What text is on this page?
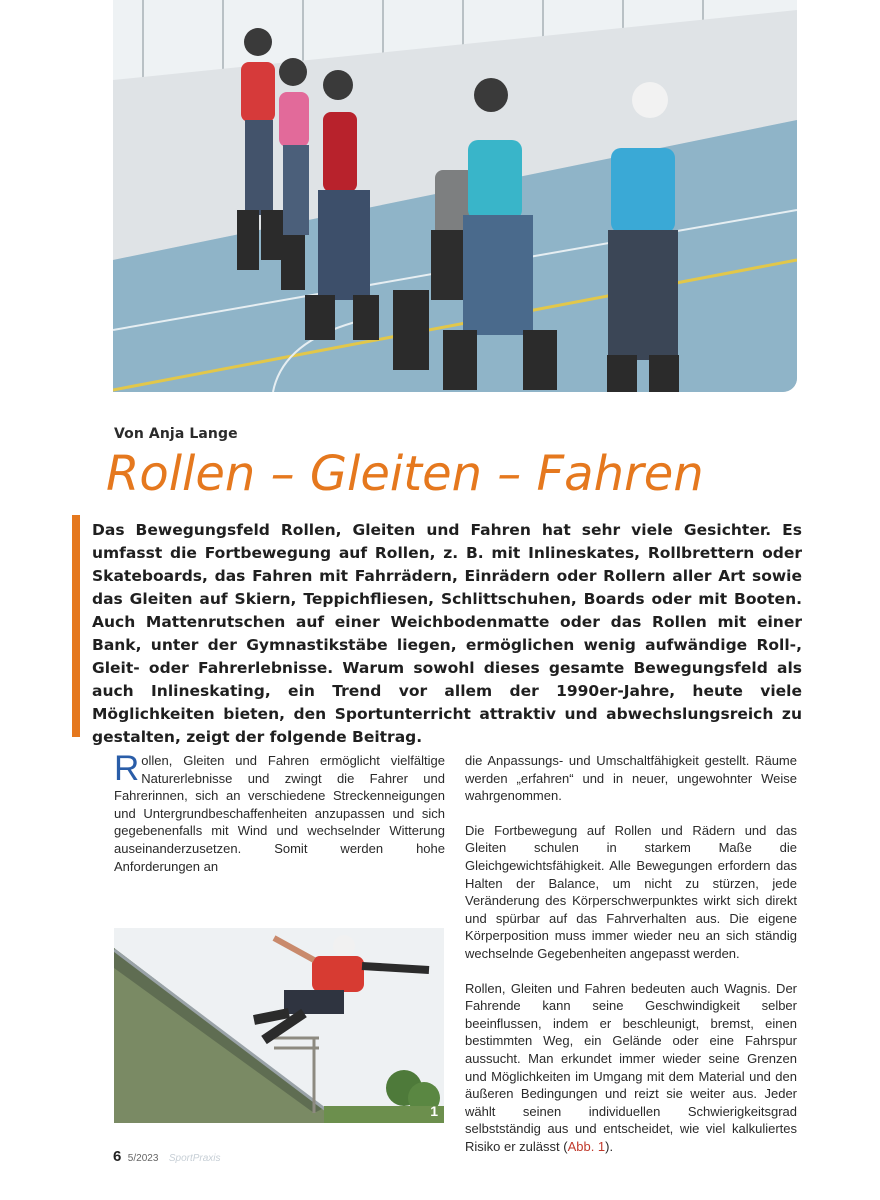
Von Anja Lange
Rollen – Gleiten – Fahren
Das Bewegungsfeld Rollen, Gleiten und Fahren hat sehr viele Gesichter. Es umfasst die Fortbewegung auf Rollen, z. B. mit Inlineskates, Rollbrettern oder Skateboards, das Fahren mit Fahrrädern, Einrädern oder Rollern aller Art sowie das Gleiten auf Skiern, Teppichfliesen, Schlittschuhen, Boards oder mit Booten. Auch Mattenrutschen auf einer Weichbodenmatte oder das Rollen mit einer Bank, unter der Gymnastikstäbe liegen, ermöglichen wenig aufwändige Roll-, Gleit- oder Fahrerlebnisse. Warum sowohl dieses gesamte Bewegungsfeld als auch Inlineskating, ein Trend vor allem der 1990er-Jahre, heute viele Möglichkeiten bieten, den Sportunterricht attraktiv und abwechslungsreich zu gestalten, zeigt der folgende Beitrag.

Rollen, Gleiten und Fahren ermöglicht vielfältige Naturerlebnisse und zwingt die Fahrer und Fahrerinnen, sich an verschiedene Streckenneigungen und Untergrundbeschaffenheiten anzupassen und sich gegebenenfalls mit Wind und wechselnder Witterung auseinanderzusetzen. Somit werden hohe Anforderungen an

1

die Anpassungs- und Umschaltfähigkeit gestellt. Räume werden „erfahren“ und in neuer, ungewohnter Weise wahrgenommen.

Die Fortbewegung auf Rollen und Rädern und das Gleiten schulen in starkem Maße die Gleichgewichtsfähigkeit. Alle Bewegungen erfordern das Halten der Balance, um nicht zu stürzen, jede Veränderung des Körperschwerpunktes wirkt sich direkt und spürbar auf das Fahrverhalten aus. Die eigene Körperposition muss immer wieder neu an sich ständig wechselnde Gegebenheiten angepasst werden.

Rollen, Gleiten und Fahren bedeuten auch Wagnis. Der Fahrende kann seine Geschwindigkeit selber beeinflussen, indem er beschleunigt, bremst, einen bestimmten Weg, ein Gelände oder eine Fahrspur aussucht. Man erkundet immer wieder seine Grenzen und Möglichkeiten im Umgang mit dem Material und den äußeren Bedingungen und reizt sie weiter aus. Jeder wählt seinen individuellen Schwierigkeitsgrad selbstständig aus und entscheidet, wie viel kalkuliertes Risiko er zulässt (Abb. 1).

6 5/2023 SportPraxis
